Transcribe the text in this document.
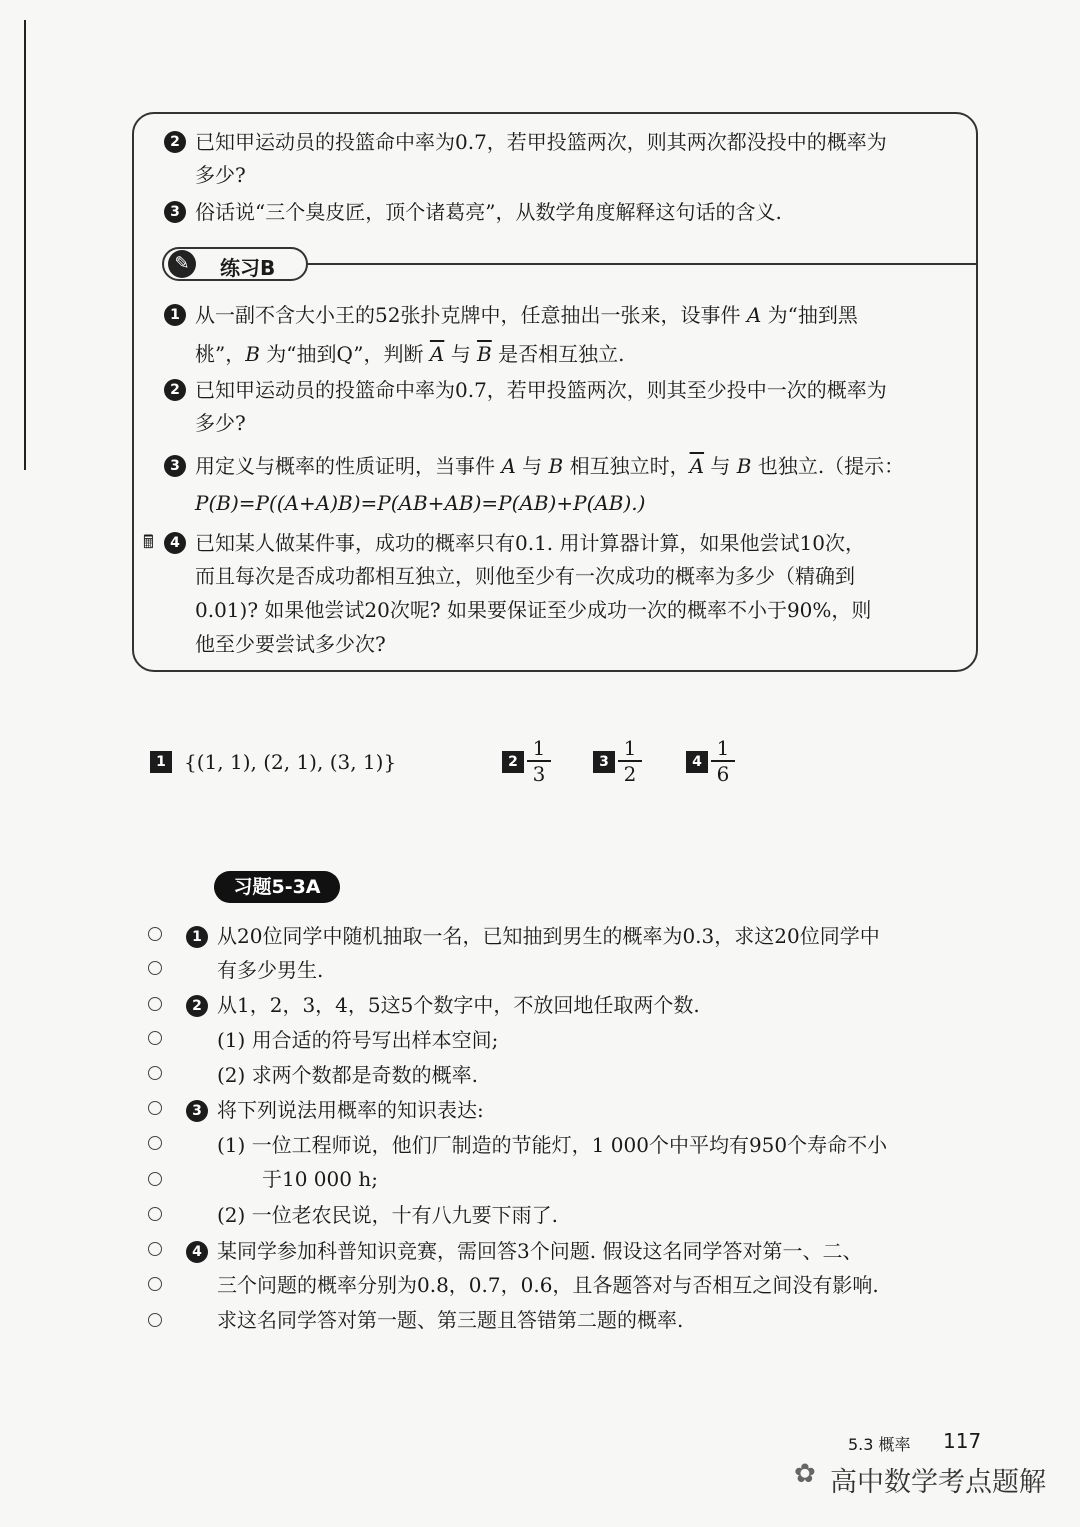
2 已知甲运动员的投篮命中率为0.7，若甲投篮两次，则其两次都没投中的概率为
多少?
3 俗话说“三个臭皮匠，顶个诸葛亮”，从数学角度解释这句话的含义.
✎	练习B
1 从一副不含大小王的52张扑克牌中，任意抽出一张来，设事件 A 为“抽到黑
桃”，B 为“抽到Q”，判断 $\overline{A}$ 与 $\overline{B}$ 是否相互独立.
2 已知甲运动员的投篮命中率为0.7，若甲投篮两次，则其至少投中一次的概率为
多少?
3 用定义与概率的性质证明，当事件 A 与 B 相互独立时，$\overline{A}$ 与 B 也独立.（提示：
P(B)=P((A+A)B)=P(AB+AB)=P(AB)+P(AB).)
🖩	4 已知某人做某件事，成功的概率只有0.1. 用计算器计算，如果他尝试10次，
而且每次是否成功都相互独立，则他至少有一次成功的概率为多少（精确到
0.01)? 如果他尝试20次呢? 如果要保证至少成功一次的概率不小于90%，则
他至少要尝试多少次?
1 {(1, 1), (2, 1), (3, 1)}	2
1
3	3
1
2	4
1
6
习题5-3A
1 从20位同学中随机抽取一名，已知抽到男生的概率为0.3，求这20位同学中
有多少男生.
2 从1，2，3，4，5这5个数字中，不放回地任取两个数.
(1) 用合适的符号写出样本空间;
(2) 求两个数都是奇数的概率.
3 将下列说法用概率的知识表达:
(1) 一位工程师说，他们厂制造的节能灯，1 000个中平均有950个寿命不小
于10 000 h;
(2) 一位老农民说，十有八九要下雨了.
4 某同学参加科普知识竞赛，需回答3个问题. 假设这名同学答对第一、二、
三个问题的概率分别为0.8，0.7，0.6，且各题答对与否相互之间没有影响.
求这名同学答对第一题、第三题且答错第二题的概率.
5.3 概率 117
✿ 高中数学考点题解
